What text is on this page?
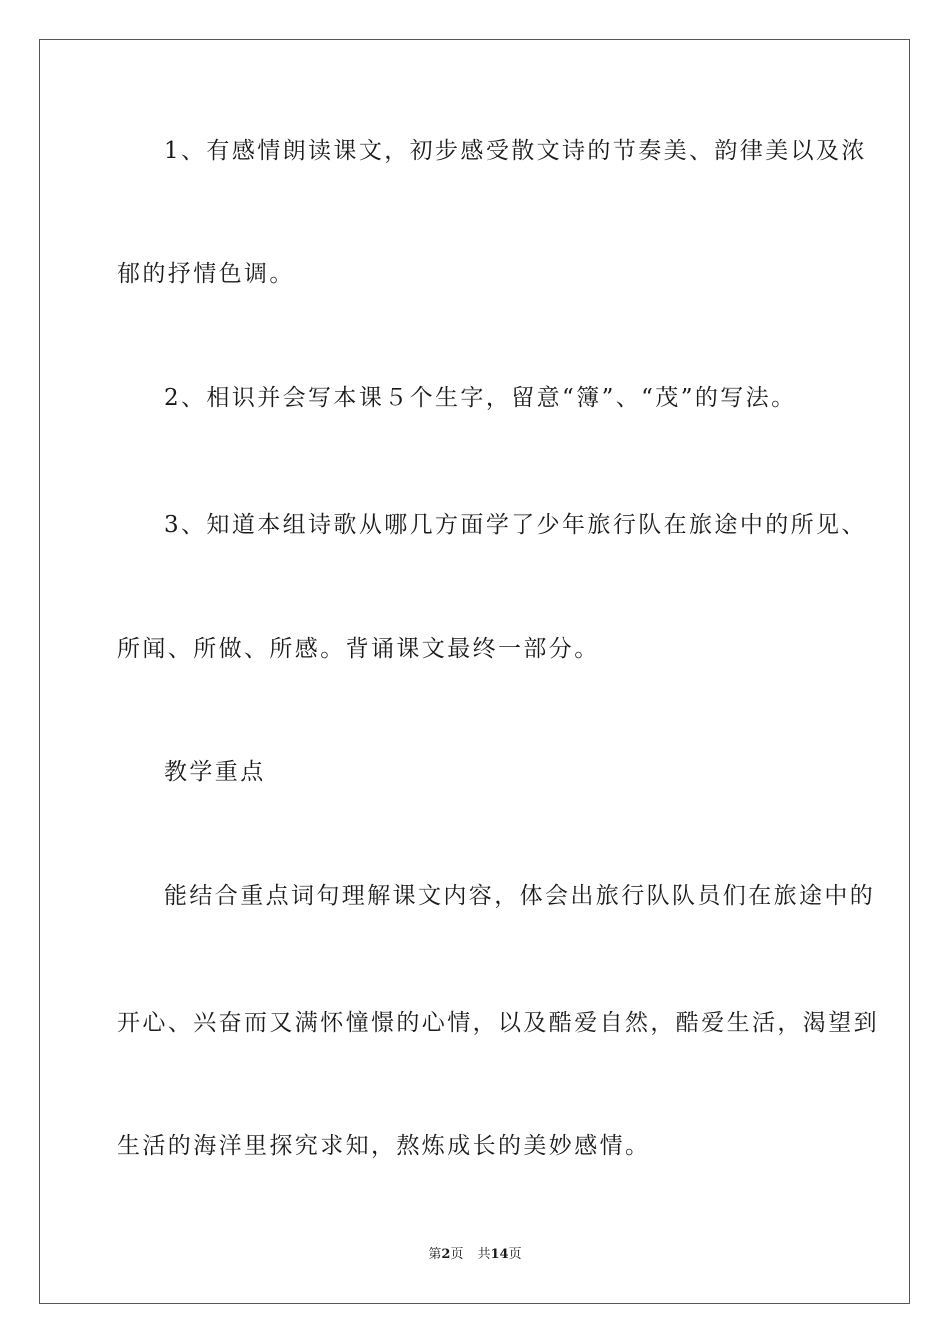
1、有感情朗读课文，初步感受散文诗的节奏美、韵律美以及浓
郁的抒情色调。
2、相识并会写本课５个生字，留意“簿”、“茂”的写法。
3、知道本组诗歌从哪几方面学了少年旅行队在旅途中的所见、
所闻、所做、所感。背诵课文最终一部分。
教学重点
能结合重点词句理解课文内容，体会出旅行队队员们在旅途中的
开心、兴奋而又满怀憧憬的心情，以及酷爱自然，酷爱生活，渴望到
生活的海洋里探究求知，熬炼成长的美妙感情。
第2页 共14页
